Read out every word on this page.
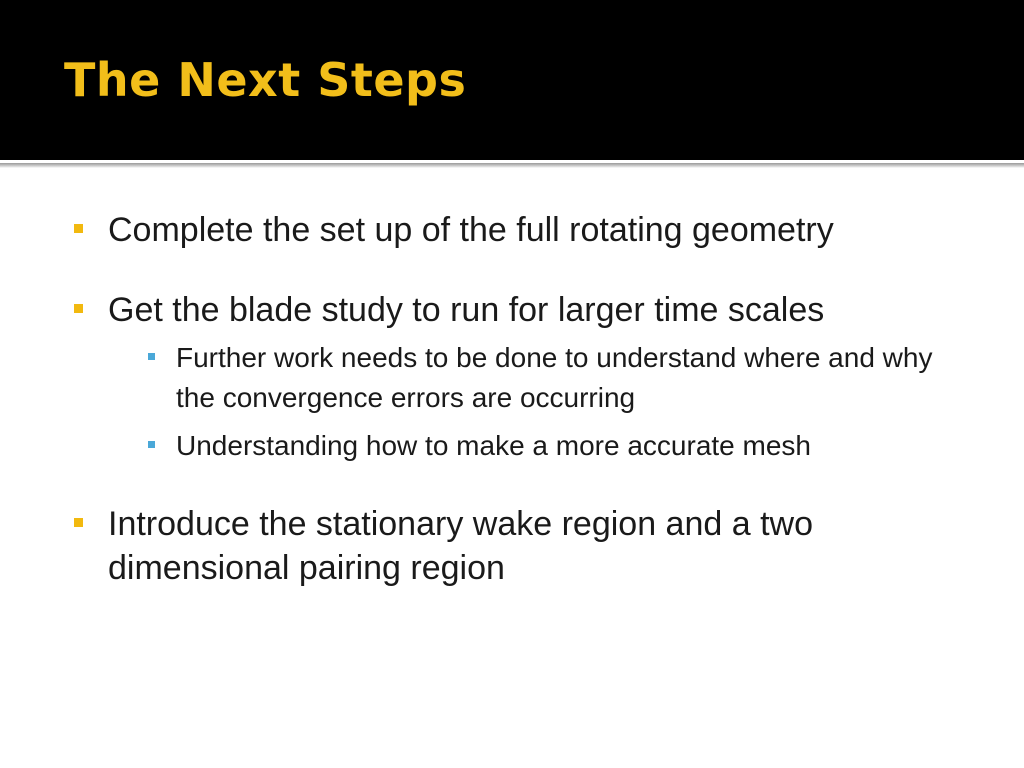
The Next Steps
Complete the set up of the full rotating geometry
Get the blade study to run for larger time scales
Further work needs to be done to understand where and why the convergence errors are occurring
Understanding how to make a more accurate mesh
Introduce the stationary wake region and a two dimensional pairing region
